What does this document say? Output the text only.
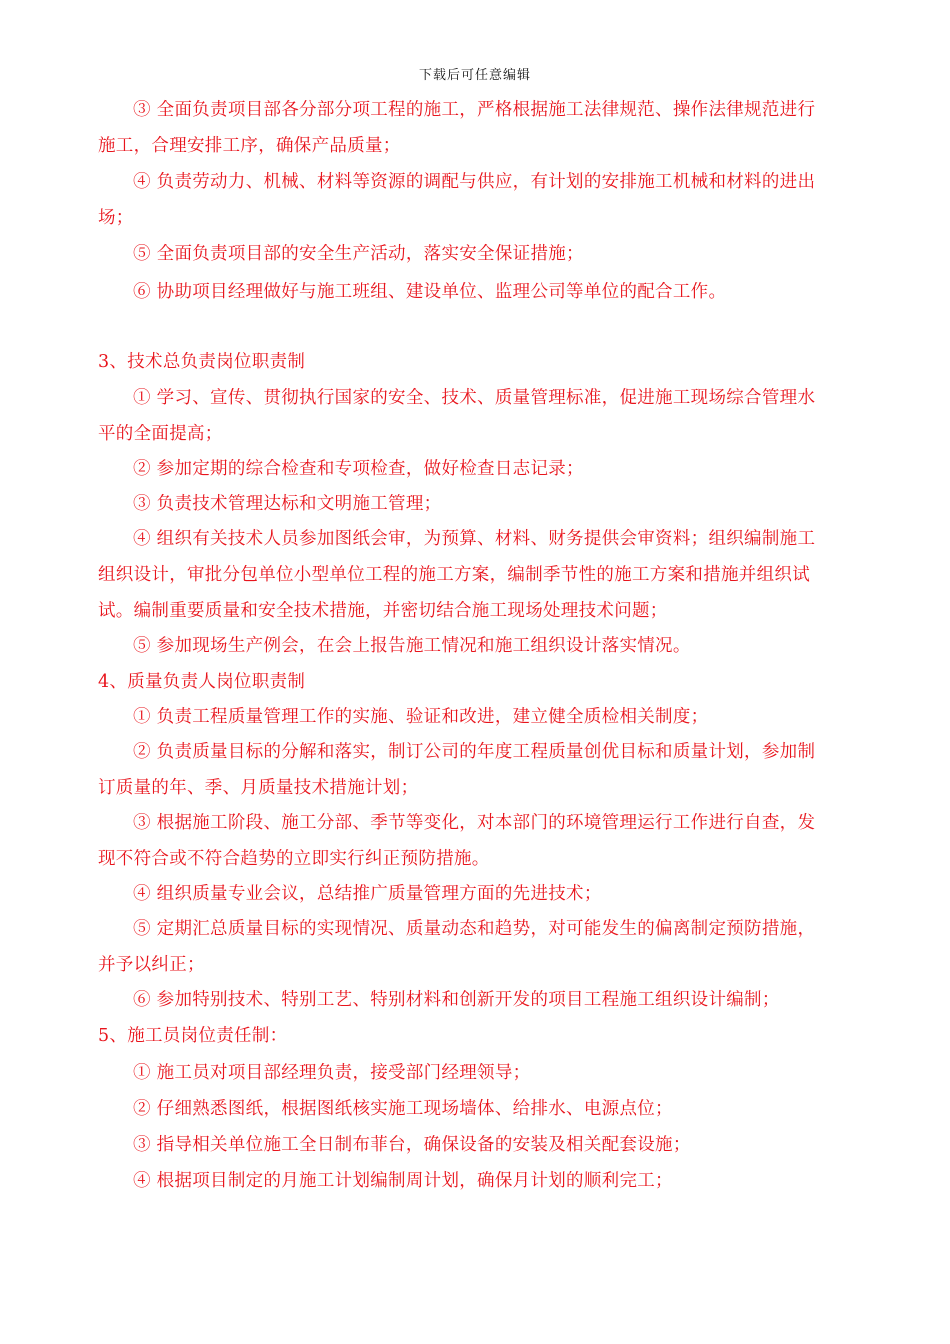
下载后可任意编辑
③ 全面负责项目部各分部分项工程的施工，严格根据施工法律规范、操作法律规范进行
施工，合理安排工序，确保产品质量；
④ 负责劳动力、机械、材料等资源的调配与供应，有计划的安排施工机械和材料的进出
场；
⑤ 全面负责项目部的安全生产活动，落实安全保证措施；
⑥ 协助项目经理做好与施工班组、建设单位、监理公司等单位的配合工作。
3、技术总负责岗位职责制
① 学习、宣传、贯彻执行国家的安全、技术、质量管理标准，促进施工现场综合管理水
平的全面提高；
② 参加定期的综合检查和专项检查，做好检查日志记录；
③ 负责技术管理达标和文明施工管理；
④ 组织有关技术人员参加图纸会审，为预算、材料、财务提供会审资料；组织编制施工
组织设计，审批分包单位小型单位工程的施工方案，编制季节性的施工方案和措施并组织试
试。编制重要质量和安全技术措施，并密切结合施工现场处理技术问题；
⑤ 参加现场生产例会，在会上报告施工情况和施工组织设计落实情况。
4、质量负责人岗位职责制
① 负责工程质量管理工作的实施、验证和改进，建立健全质检相关制度；
② 负责质量目标的分解和落实，制订公司的年度工程质量创优目标和质量计划，参加制
订质量的年、季、月质量技术措施计划；
③ 根据施工阶段、施工分部、季节等变化，对本部门的环境管理运行工作进行自查，发
现不符合或不符合趋势的立即实行纠正预防措施。
④ 组织质量专业会议，总结推广质量管理方面的先进技术；
⑤ 定期汇总质量目标的实现情况、质量动态和趋势，对可能发生的偏离制定预防措施，
并予以纠正；
⑥ 参加特别技术、特别工艺、特别材料和创新开发的项目工程施工组织设计编制；
5、施工员岗位责任制：
① 施工员对项目部经理负责，接受部门经理领导；
② 仔细熟悉图纸，根据图纸核实施工现场墙体、给排水、电源点位；
③ 指导相关单位施工全日制布菲台，确保设备的安装及相关配套设施；
④ 根据项目制定的月施工计划编制周计划，确保月计划的顺利完工；
